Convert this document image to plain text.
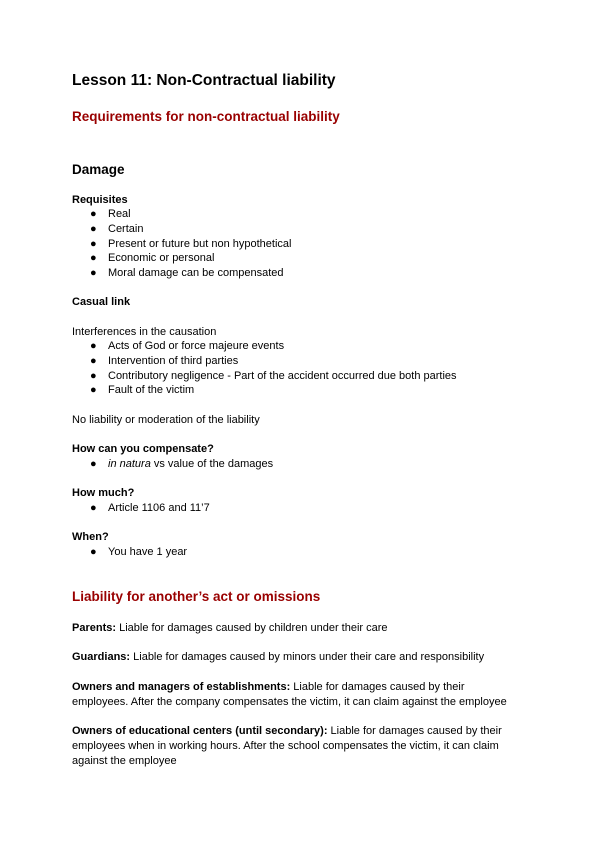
Lesson 11: Non-Contractual liability
Requirements for non-contractual liability
Damage
Requisites
● Real
● Certain
● Present or future but non hypothetical
● Economic or personal
● Moral damage can be compensated
Casual link
Interferences in the causation
● Acts of God or force majeure events
● Intervention of third parties
● Contributory negligence - Part of the accident occurred due both parties
● Fault of the victim
No liability or moderation of the liability
How can you compensate?
● in natura vs value of the damages
How much?
● Article 1106 and 11’7
When?
● You have 1 year
Liability for another’s act or omissions
Parents: Liable for damages caused by children under their care
Guardians: Liable for damages caused by minors under their care and responsibility
Owners and managers of establishments: Liable for damages caused by their employees. After the company compensates the victim, it can claim against the employee
Owners of educational centers (until secondary): Liable for damages caused by their employees when in working hours. After the school compensates the victim, it can claim against the employee
